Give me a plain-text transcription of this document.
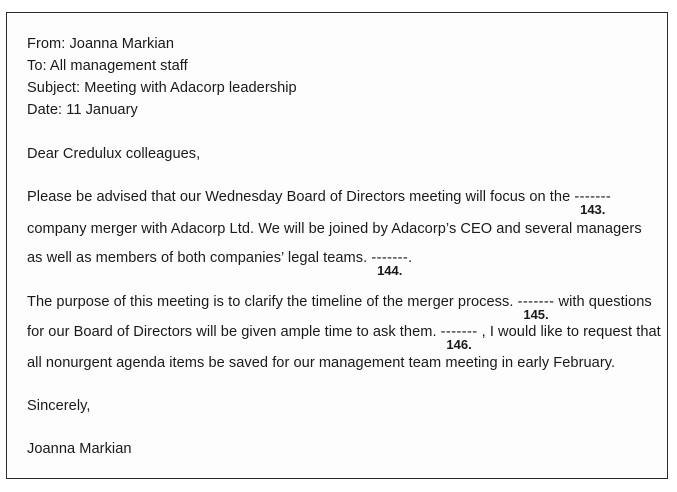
From: Joanna Markian
To: All management staff
Subject: Meeting with Adacorp leadership
Date: 11 January
Dear Credulux colleagues,
Please be advised that our Wednesday Board of Directors meeting will focus on the -------
143.
company merger with Adacorp Ltd. We will be joined by Adacorp’s CEO and several managers
as well as members of both companies’ legal teams. -------
144.
.
The purpose of this meeting is to clarify the timeline of the merger process. -------
145.
with questions
for our Board of Directors will be given ample time to ask them. -------
146.
, I would like to request that
all nonurgent agenda items be saved for our management team meeting in early February.
Sincerely,
Joanna Markian
